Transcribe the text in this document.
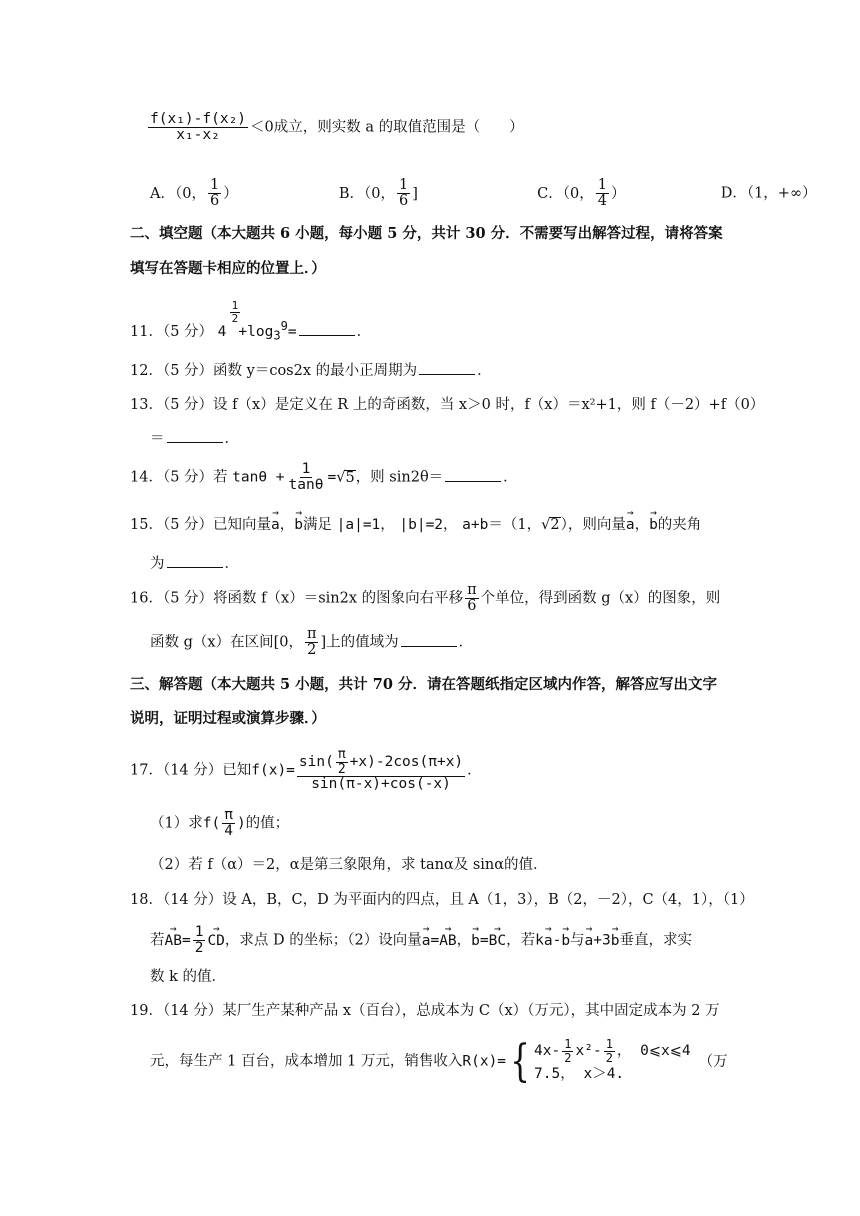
$\frac{\text{f(x₁)-f(x₂)}}{\text{x₁-x₂}} <0$成立，则实数 a 的取值范围是（　　）
A．（0， $\frac{1}{6}$ ）	B．（0， $\frac{1}{6}$ ]	C．（0， $\frac{1}{4}$ ）	D．（1，+∞）
二、填空题（本大题共 6 小题，每小题 5 分，共计 30 分．不需要写出解答过程，请将答案
填写在答题卡相应的位置上．）
11．（5 分） 4
$\frac{1}{2}$
$+\log_3^9=$	．
12．（5 分）函数 y＝cos2x 的最小正周期为	．
13．（5 分）设 f（x）是定义在 R 上的奇函数，当 x＞0 时，f（x）＝x²+1，则 f（－2）+f（0）
＝	．
14．（5 分）若 $\tan\theta + \frac{1}{\tan\theta} =√5$，则 sin2θ＝	．
15．（5 分）已知向量→ a，→ b满足 |a|=1， |b|=2， a+b＝（1，√2），则向量→ a，→ b的夹角
为	．
16．（5 分）将函数 f（x）＝sin2x 的图象向右平移 $\frac{\pi}{6}$ 个单位，得到函数 g（x）的图象，则
函数 g（x）在区间[0， $\frac{\pi}{2}$ ]上的值域为	．
三、解答题（本大题共 5 小题，共计 70 分．请在答题纸指定区域内作答，解答应写出文字
说明，证明过程或演算步骤．）
17．（14 分）已知$f(x)= \frac{\sin( \frac{\pi}{2} +x)-2\cos(\pi+x)}{\sin(\pi-x)+\cos(-x)}$ ．
（1）求$f( \frac{\pi}{4}$ )的值；
（2）若 f（α）＝2，α是第三象限角，求 tanα及 sinα的值．
18．（14 分）设 A，B，C，D 为平面内的四点，且 A（1，3），B（2，－2），C（4，1），（1）
若→ $AB= \frac{1}{2}$
→ CD，求点 D 的坐标；（2）设向量→ a=→ AB，→ b=→ BC，若k→ a-→ b与→ a+3→ b垂直，求实
数 k 的值．
19．（14 分）某厂生产某种产品 x（百台），总成本为 C（x）（万元），其中固定成本为 2 万
元，每生产 1 百台，成本增加 1 万元，销售收入R(x)={ $4x- \frac{1}{2} x^2- \frac{1}{2}$ ， 0⩽x⩽4
7.5， x＞4.
（万
